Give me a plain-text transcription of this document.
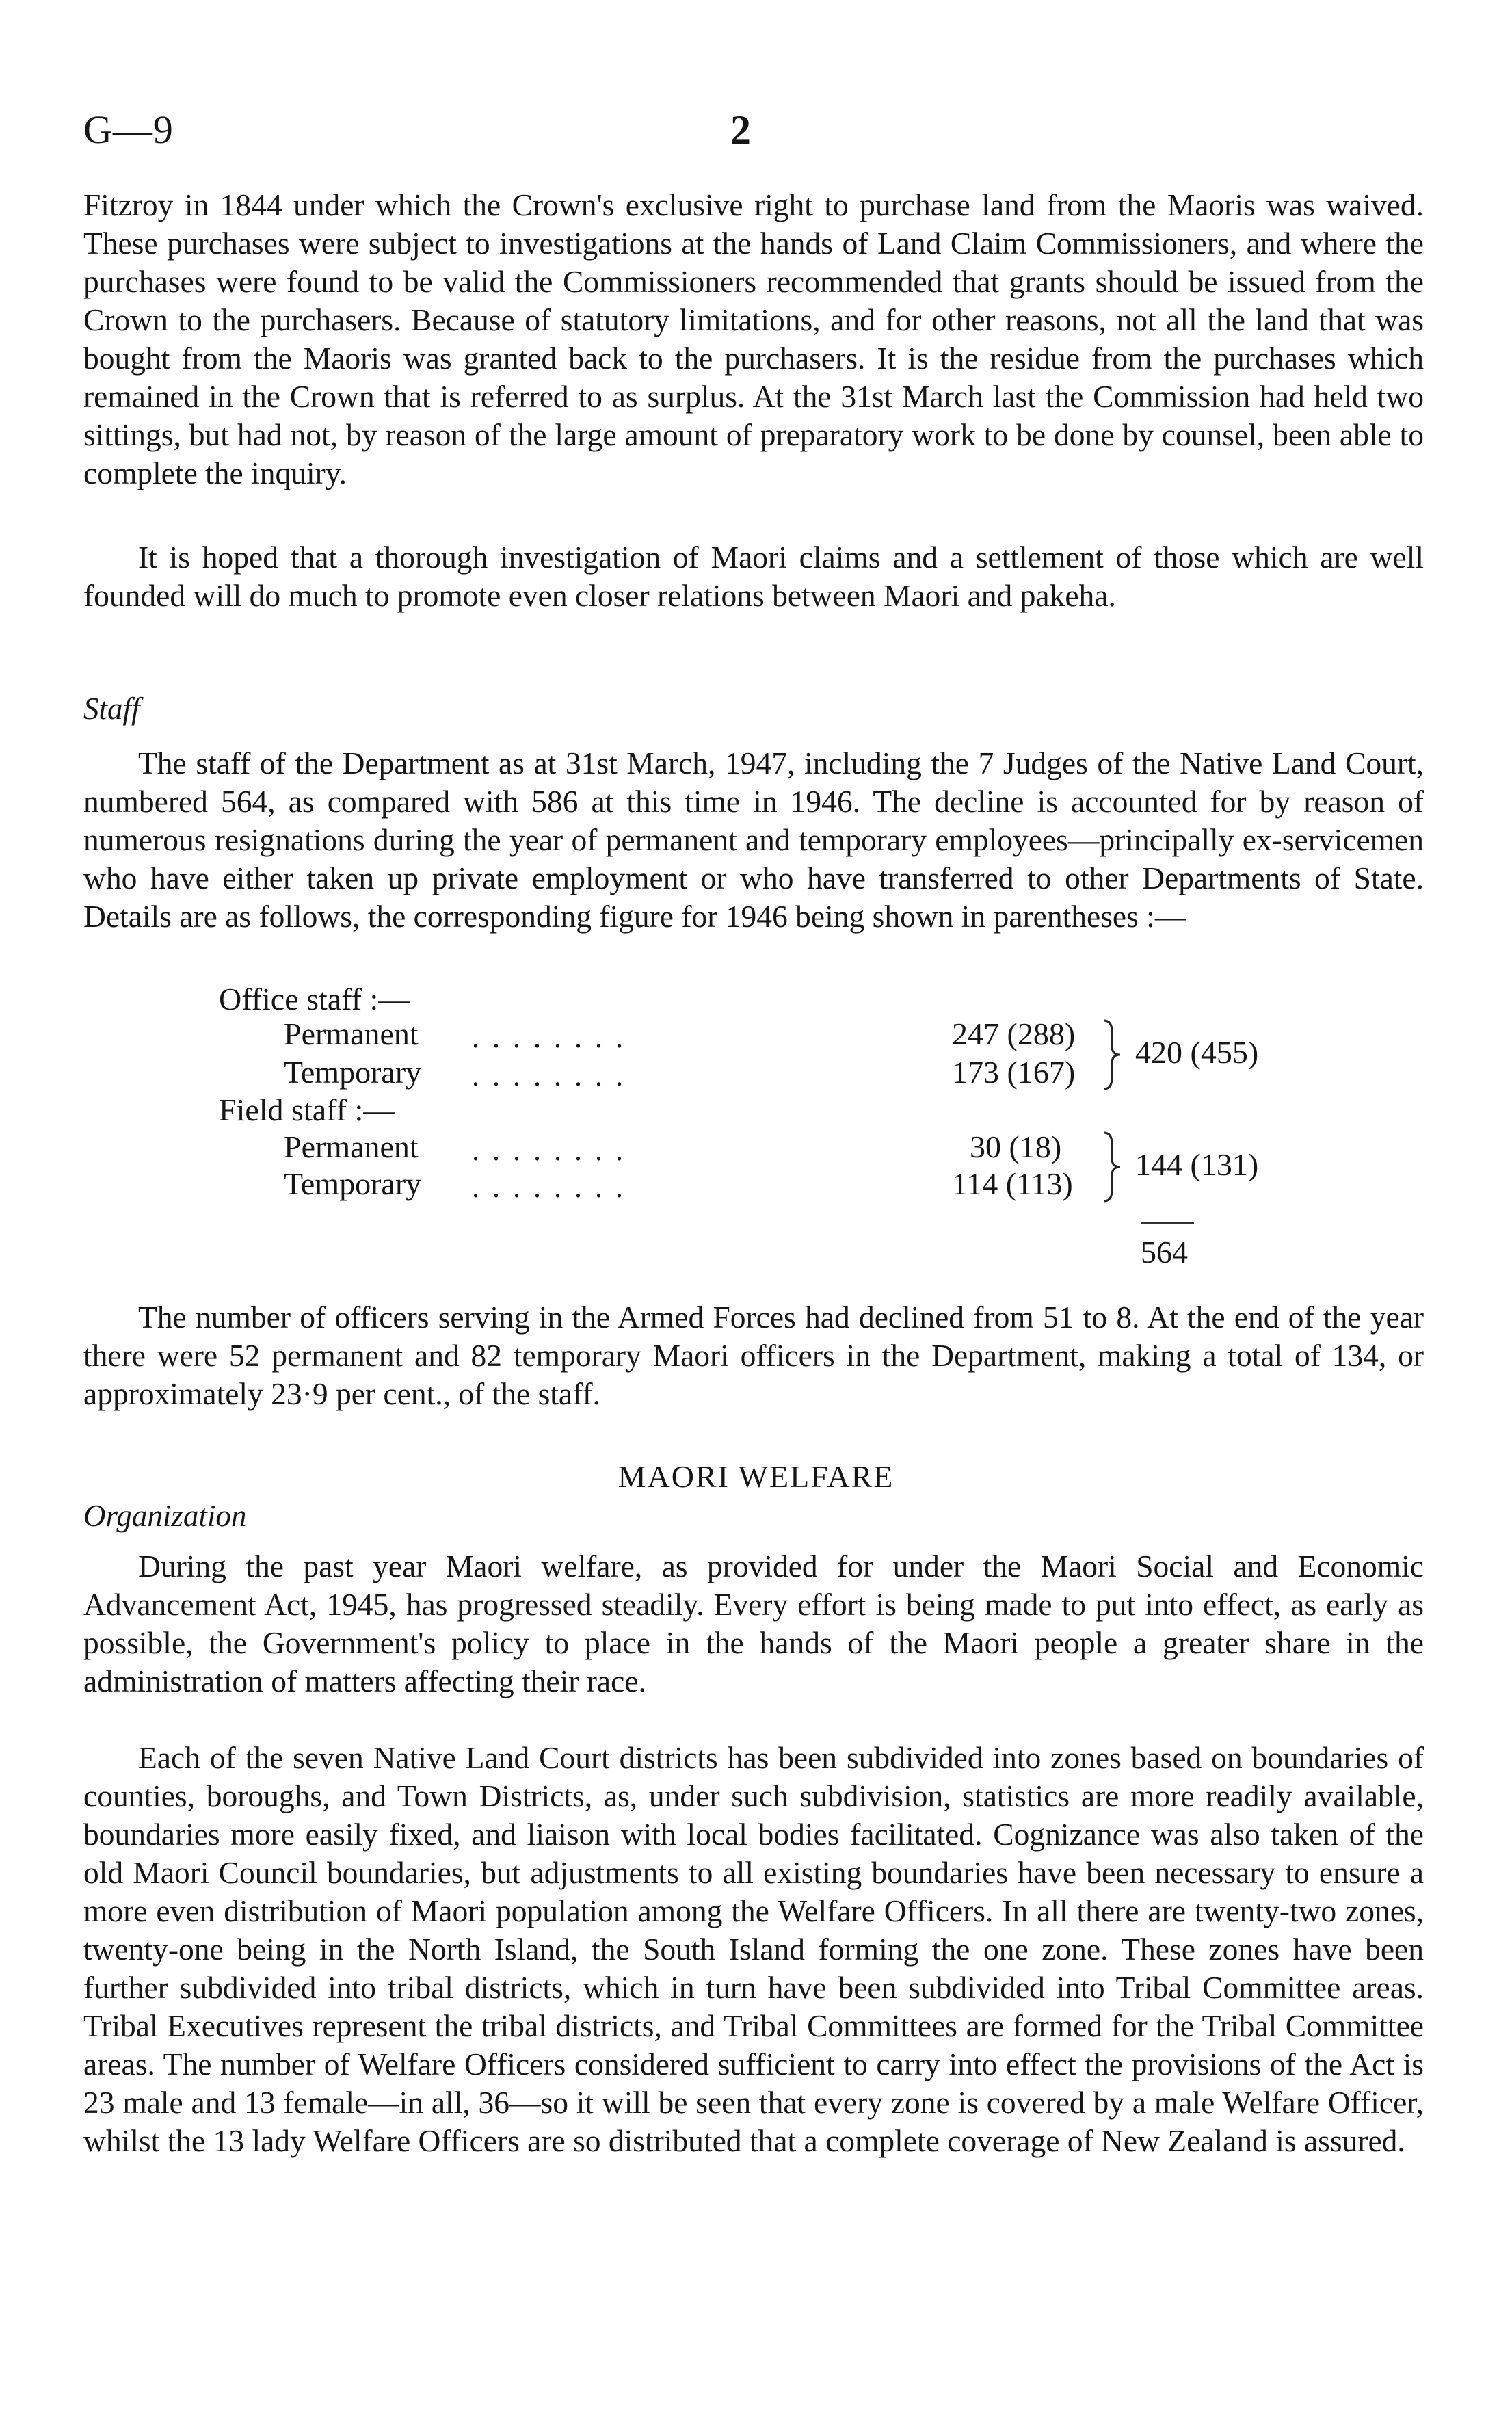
G—9	2

Fitzroy in 1844 under which the Crown's exclusive right to purchase land from the Maoris was waived. These purchases were subject to investigations at the hands of Land Claim Commissioners, and where the purchases were found to be valid the Commissioners recommended that grants should be issued from the Crown to the purchasers. Because of statutory limitations, and for other reasons, not all the land that was bought from the Maoris was granted back to the purchasers. It is the residue from the purchases which remained in the Crown that is referred to as surplus. At the 31st March last the Commission had held two sittings, but had not, by reason of the large amount of preparatory work to be done by counsel, been able to complete the inquiry.

It is hoped that a thorough investigation of Maori claims and a settlement of those which are well founded will do much to promote even closer relations between Maori and pakeha.

Staff

The staff of the Department as at 31st March, 1947, including the 7 Judges of the Native Land Court, numbered 564, as compared with 586 at this time in 1946. The decline is accounted for by reason of numerous resignations during the year of permanent and temporary employees—principally ex-servicemen who have either taken up private employment or who have transferred to other Departments of State. Details are as follows, the corresponding figure for 1946 being shown in parentheses :—

Office staff :—
Permanent . . . . . . . .	247 (288)
Temporary . . . . . . . .	173 (167)
420 (455)
Field staff :—
Permanent . . . . . . . .	30 (18)
Temporary . . . . . . . .	114 (113)
144 (131)
564

The number of officers serving in the Armed Forces had declined from 51 to 8. At the end of the year there were 52 permanent and 82 temporary Maori officers in the Department, making a total of 134, or approximately 23·9 per cent., of the staff.

MAORI WELFARE
Organization

During the past year Maori welfare, as provided for under the Maori Social and Economic Advancement Act, 1945, has progressed steadily. Every effort is being made to put into effect, as early as possible, the Government's policy to place in the hands of the Maori people a greater share in the administration of matters affecting their race.

Each of the seven Native Land Court districts has been subdivided into zones based on boundaries of counties, boroughs, and Town Districts, as, under such subdivision, statistics are more readily available, boundaries more easily fixed, and liaison with local bodies facilitated. Cognizance was also taken of the old Maori Council boundaries, but adjustments to all existing boundaries have been necessary to ensure a more even distribution of Maori population among the Welfare Officers. In all there are twenty-two zones, twenty-one being in the North Island, the South Island forming the one zone. These zones have been further subdivided into tribal districts, which in turn have been subdivided into Tribal Committee areas. Tribal Executives represent the tribal districts, and Tribal Committees are formed for the Tribal Committee areas. The number of Welfare Officers considered sufficient to carry into effect the provisions of the Act is 23 male and 13 female—in all, 36—so it will be seen that every zone is covered by a male Welfare Officer, whilst the 13 lady Welfare Officers are so distributed that a complete coverage of New Zealand is assured.
